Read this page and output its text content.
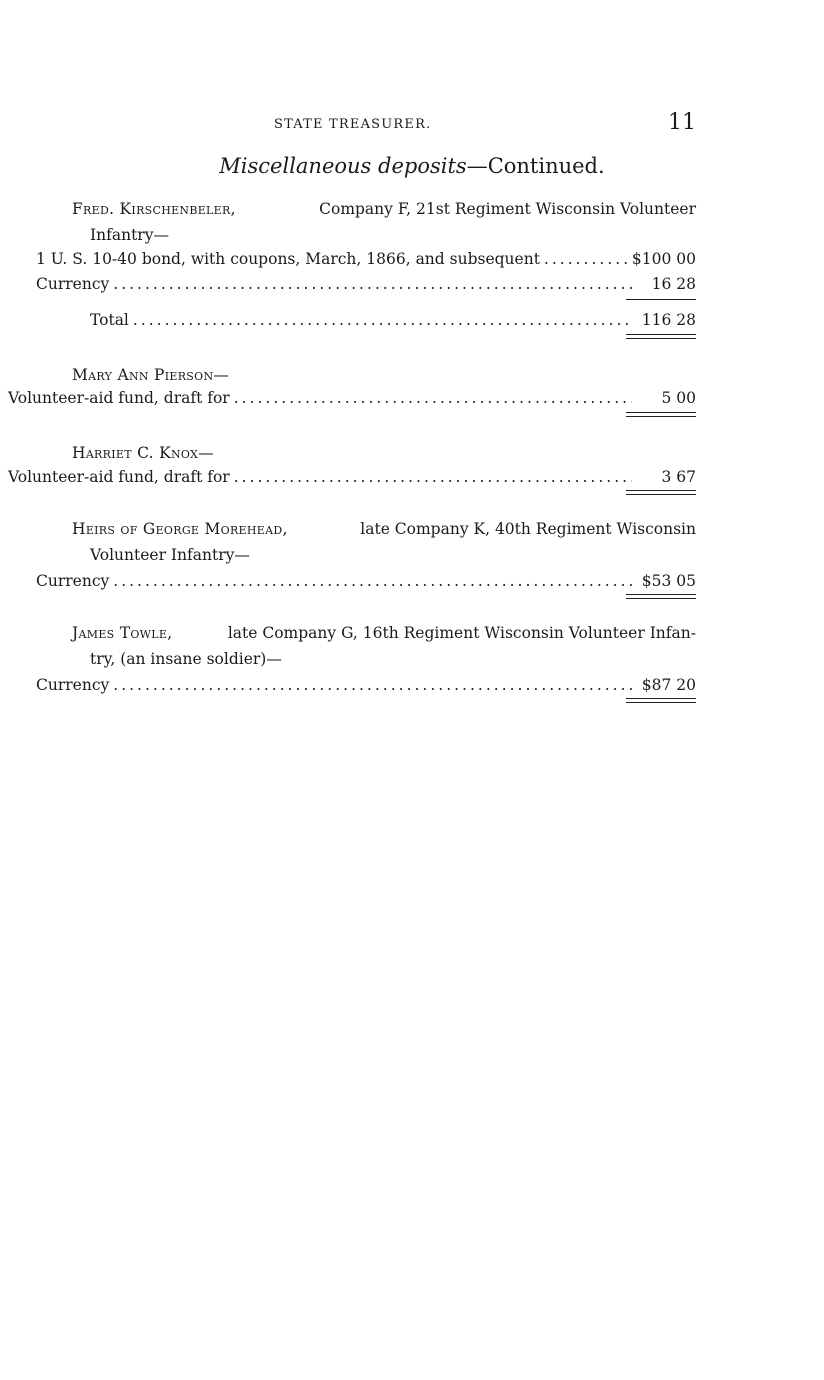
STATE TREASURER.	11
Miscellaneous deposits—Continued.
Fred. Kirschenbeler,	Company F, 21st Regiment Wisconsin Volunteer
Infantry—
1 U. S. 10-40 bond, with coupons, March, 1866, and subsequent .....	$100 00
Currency .....	16 28
Total .....	116 28
Mary Ann Pierson—
Volunteer-aid fund, draft for .....	5 00
Harriet C. Knox—
Volunteer-aid fund, draft for .....	3 67
Heirs of George Morehead,	late Company K, 40th Regiment Wisconsin
Volunteer Infantry—
Currency .....	$53 05
James Towle,	late Company G, 16th Regiment Wisconsin Volunteer Infan-
try, (an insane soldier)—
Currency .....	$87 20
